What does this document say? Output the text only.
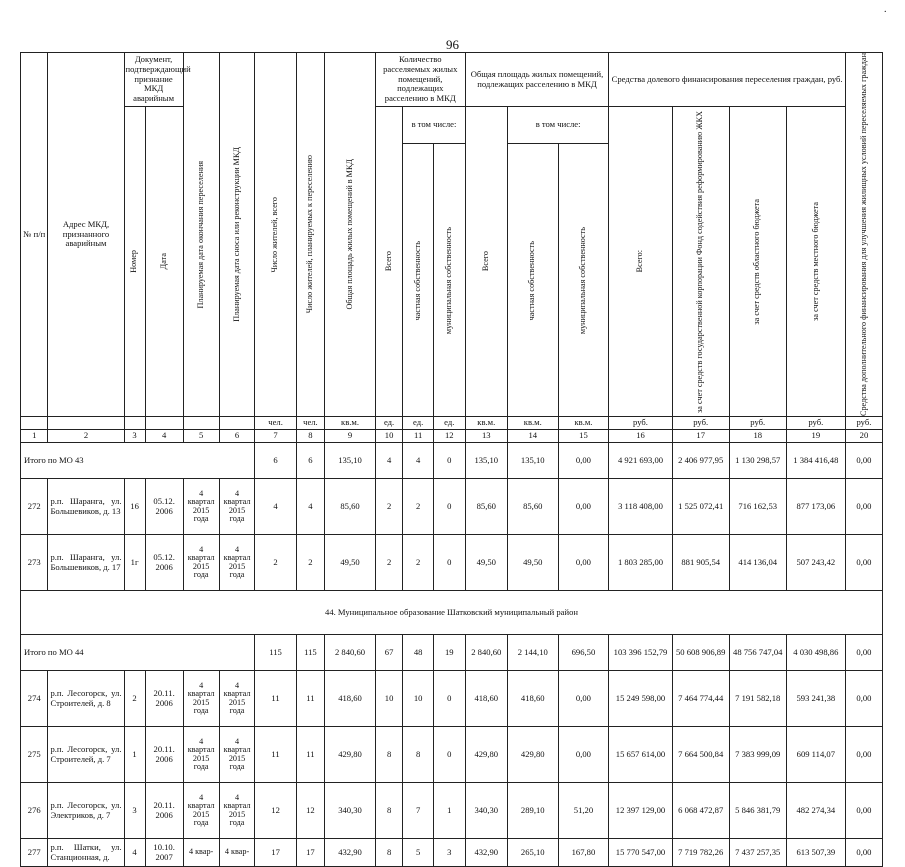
96
.
№ п/п	Адрес МКД, признанного аварийным	Документ, подтверждающий признание МКД аварийным		Планируемая дата окончания переселения	Планируемая дата сноса или реконструкции МКД	Число жителей, всего	Число жителей, планируемых к переселению	Общая площадь жилых помещений в МКД	Количество расселяемых жилых помещений, подлежащих расселению в МКД			Общая площадь жилых помещений, подлежащих расселению в МКД			Средства долевого финансирования переселения граждан, руб.				Средства дополнительного финансирования для улучшения жилищных условий переселяемых граждан

		Номер	Дата						Всего	в том числе:		Всего	в том числе:		Всего:	за счет средств государственной корпорации Фонд содействия реформированию ЖКХ	за счет средств областного бюджета	за счет средств местного бюджета	

										частная собственность	муниципальная собственность		частная собственность	муниципальная собственность					

						чел.	чел.	кв.м.	ед.	ед.	ед.	кв.м.	кв.м.	кв.м.	руб.	руб.	руб.	руб.	руб.
1	2	3	4	5	6	7	8	9	10	11	12	13	14	15	16	17	18	19	20
Итого по МО 43						6	6	135,10	4	4	0	135,10	135,10	0,00	4 921 693,00	2 406 977,95	1 130 298,57	1 384 416,48	0,00
272	р.п. Шаранга, ул. Большевиков, д. 13	16	05.12. 2006	4 квартал 2015 года	4 квартал 2015 года	4	4	85,60	2	2	0	85,60	85,60	0,00	3 118 408,00	1 525 072,41	716 162,53	877 173,06	0,00
273	р.п. Шаранга, ул. Большевиков, д. 17	1г	05.12. 2006	4 квартал 2015 года	4 квартал 2015 года	2	2	49,50	2	2	0	49,50	49,50	0,00	1 803 285,00	881 905,54	414 136,04	507 243,42	0,00
44. Муниципальное образование Шатковский муниципальный район																			
Итого по МО 44						115	115	2 840,60	67	48	19	2 840,60	2 144,10	696,50	103 396 152,79	50 608 906,89	48 756 747,04	4 030 498,86	0,00
274	р.п. Лесогорск, ул. Строителей, д. 8	2	20.11. 2006	4 квартал 2015 года	4 квартал 2015 года	11	11	418,60	10	10	0	418,60	418,60	0,00	15 249 598,00	7 464 774,44	7 191 582,18	593 241,38	0,00
275	р.п. Лесогорск, ул. Строителей, д. 7	1	20.11. 2006	4 квартал 2015 года	4 квартал 2015 года	11	11	429,80	8	8	0	429,80	429,80	0,00	15 657 614,00	7 664 500,84	7 383 999,09	609 114,07	0,00
276	р.п. Лесогорск, ул. Электриков, д. 7	3	20.11. 2006	4 квартал 2015 года	4 квартал 2015 года	12	12	340,30	8	7	1	340,30	289,10	51,20	12 397 129,00	6 068 472,87	5 846 381,79	482 274,34	0,00
277	р.п. Шатки, ул. Станционная, д.	4	10.10. 2007	4 квар-	4 квар-	17	17	432,90	8	5	3	432,90	265,10	167,80	15 770 547,00	7 719 782,26	7 437 257,35	613 507,39	0,00
